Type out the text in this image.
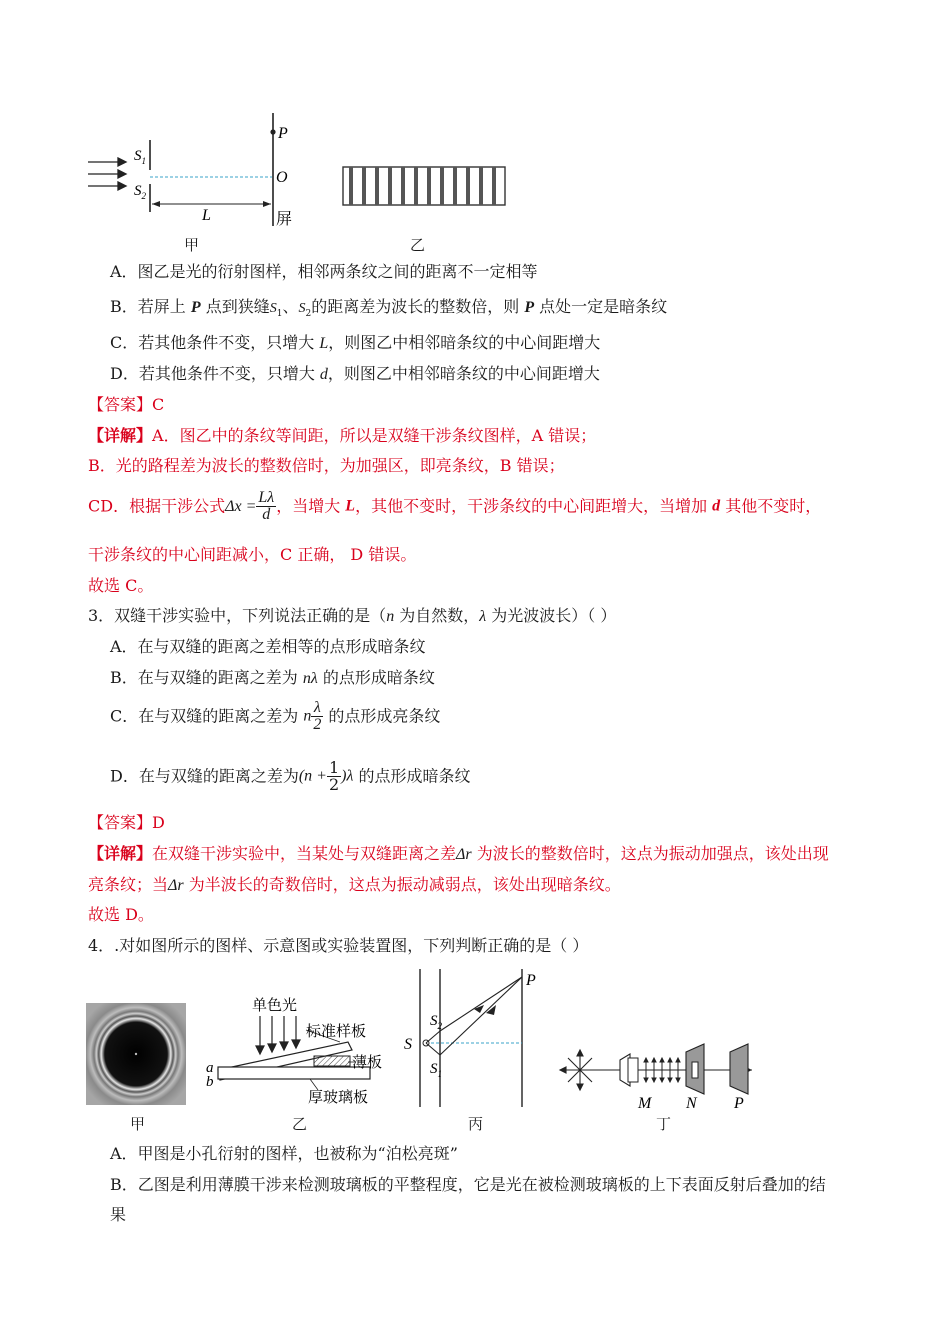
$S_1$
$S_2$
P
O
L	屏
甲	乙
A．图乙是光的衍射图样，相邻两条纹之间的距离不一定相等
B．若屏上 P 点到狭缝$S_1$、$S_2$的距离差为波长的整数倍，则 P 点处一定是暗条纹
C．若其他条件不变，只增大 L，则图乙中相邻暗条纹的中心间距增大
D．若其他条件不变，只增大 d，则图乙中相邻暗条纹的中心间距增大
【答案】C
【详解】A．图乙中的条纹等间距，所以是双缝干涉条纹图样，A 错误；
B．光的路程差为波长的整数倍时，为加强区，即亮条纹，B 错误；
CD．根据干涉公式$\Delta x = \frac{L\lambda}{d}$ ，当增大 L，其他不变时，干涉条纹的中心间距增大，当增加 d 其他不变时，
干涉条纹的中心间距减小，C 正确， D 错误。
故选 C。
3．双缝干涉实验中，下列说法正确的是（n 为自然数，λ 为光波波长）（ ）
A．在与双缝的距离之差相等的点形成暗条纹
B．在与双缝的距离之差为 nλ 的点形成暗条纹
C．在与双缝的距离之差为 n $\frac{\lambda}{2}$ 的点形成亮条纹
D．在与双缝的距离之差为$(n + \frac{1}{2} )\lambda$ 的点形成暗条纹
【答案】D
【详解】在双缝干涉实验中，当某处与双缝距离之差Δr 为波长的整数倍时，这点为振动加强点，该处出现
亮条纹；当Δr 为半波长的奇数倍时，这点为振动减弱点，该处出现暗条纹。
故选 D。
4．.对如图所示的图样、示意图或实验装置图，下列判断正确的是（ ）
甲
单色光
标准样板
薄板
厚玻璃板
a
b
乙
P
S
$S_2$
$S_1$
丙
M N P
丁
A．甲图是小孔衍射的图样，也被称为“泊松亮斑”
B．乙图是利用薄膜干涉来检测玻璃板的平整程度，它是光在被检测玻璃板的上下表面反射后叠加的结
果
